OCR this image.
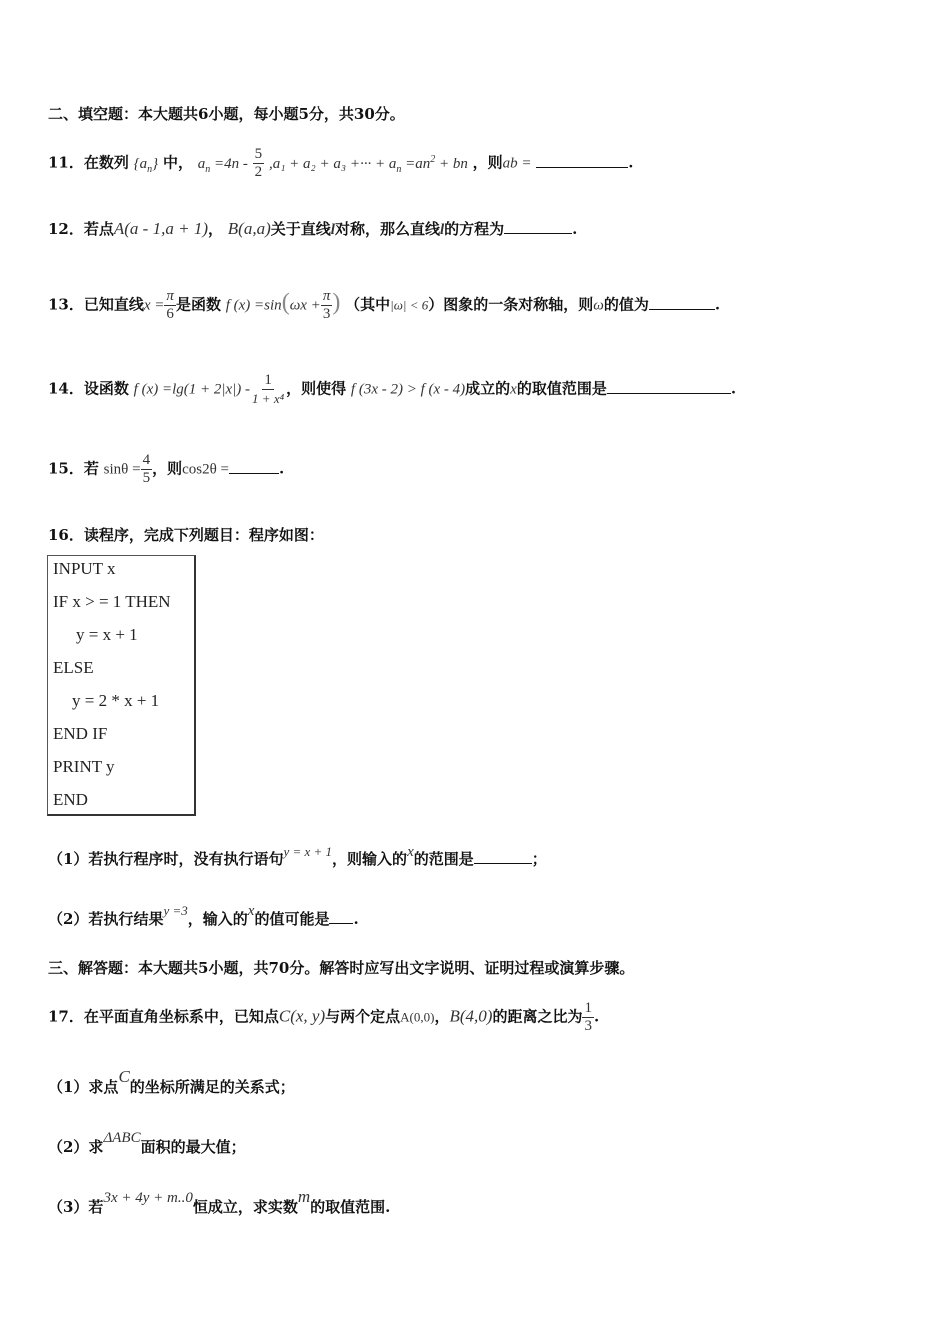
二、填空题：本大题共6小题，每小题5分，共30分。
11．在数列 $\{a_n\}$ 中， $a_n =4n - \frac{5}{2} ,a_1 + a_2 + a_3$ +··· + $a_n =an^2$ + bn ，则ab =	.
12．若点A(a - 1,a + 1)， B(a,a)关于直线l对称，那么直线l的方程为	.
13．已知直线$x = \frac{\pi}{6}$ 是函数 f $(x) =\sin(\omega x + \frac{\pi}{3}$ ) （其中|ω| < 6）图象的一条对称轴，则ω的值为	.
14．设函数 f $(x) =\lg(1 + 2|x|) - \frac{1}{\text{1 + x⁴}}$ ，则使得 f (3x - 2) > f (x - 4)成立的x的取值范围是	.
15．若 $\sin\theta = \frac{4}{5}$ ，则cos2θ =	.
16．读程序，完成下列题目：程序如图：
INPUT x
IF x > = 1 THEN
y = x + 1
ELSE
y = 2 * x + 1
END IF
PRINT y
END
（1）若执行程序时，没有执行语句y = x + 1，则输入的x的范围是	；
（2）若执行结果y =3，输入的x的值可能是 .
三、解答题：本大题共5小题，共70分。解答时应写出文字说明、证明过程或演算步骤。
17．在平面直角坐标系中，已知点C(x, y)与两个定点A(0,0)，B(4,0)的距离之比为 $\frac{1}{3}$ .
（1）求点C的坐标所满足的关系式；
（2）求ΔABC面积的最大值；
（3）若3x + 4y + m..0恒成立，求实数m的取值范围.
